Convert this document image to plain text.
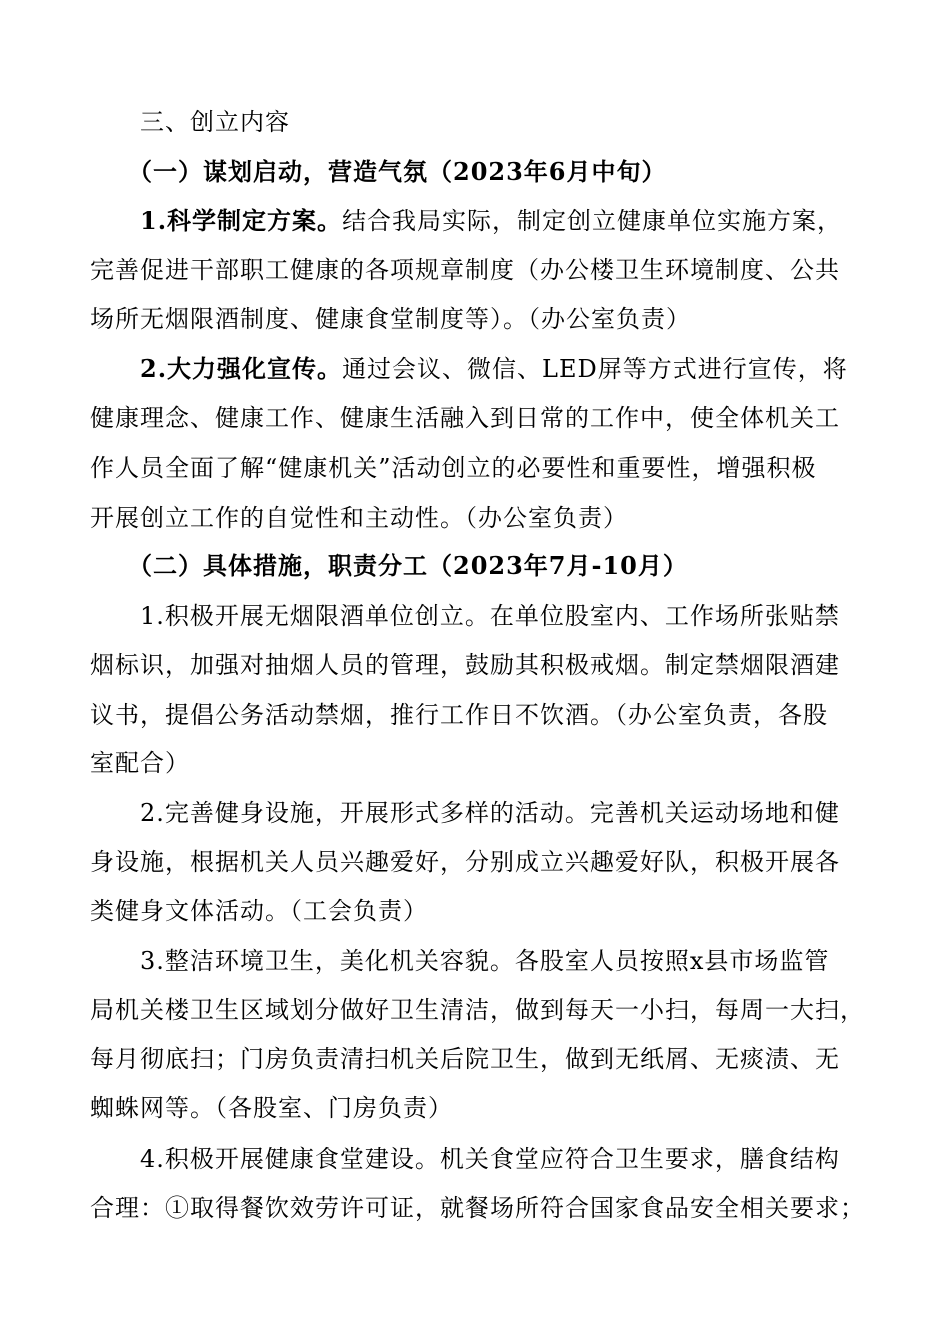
三、创立内容
（一）谋划启动，营造气氛（2023年6月中旬）
1.科学制定方案。结合我局实际，制定创立健康单位实施方案，
完善促进干部职工健康的各项规章制度（办公楼卫生环境制度、公共
场所无烟限酒制度、健康食堂制度等）。（办公室负责）
2.大力强化宣传。通过会议、微信、LED屏等方式进行宣传，将
健康理念、健康工作、健康生活融入到日常的工作中，使全体机关工
作人员全面了解“健康机关”活动创立的必要性和重要性，增强积极
开展创立工作的自觉性和主动性。（办公室负责）
（二）具体措施，职责分工（2023年7月-10月）
1.积极开展无烟限酒单位创立。在单位股室内、工作场所张贴禁
烟标识，加强对抽烟人员的管理，鼓励其积极戒烟。制定禁烟限酒建
议书，提倡公务活动禁烟，推行工作日不饮酒。（办公室负责，各股
室配合）
2.完善健身设施，开展形式多样的活动。完善机关运动场地和健
身设施，根据机关人员兴趣爱好，分别成立兴趣爱好队，积极开展各
类健身文体活动。（工会负责）
3.整洁环境卫生，美化机关容貌。各股室人员按照x县市场监管
局机关楼卫生区域划分做好卫生清洁，做到每天一小扫，每周一大扫，
每月彻底扫；门房负责清扫机关后院卫生，做到无纸屑、无痰渍、无
蜘蛛网等。（各股室、门房负责）
4.积极开展健康食堂建设。机关食堂应符合卫生要求，膳食结构
合理：①取得餐饮效劳许可证，就餐场所符合国家食品安全相关要求；
